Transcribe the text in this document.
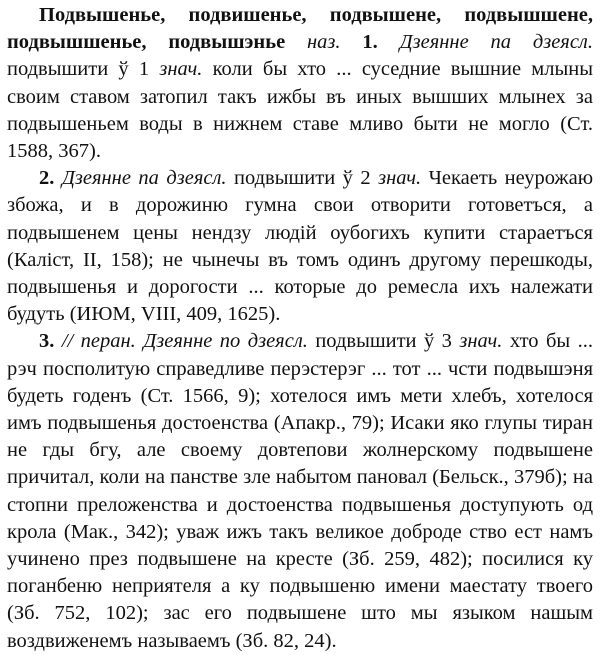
Подвышенье, подвишенье, подвышене, подвышшене, подвышшенье, подвышэнье наз. 1. Дзеянне па дзеясл. подвышити ў 1 знач. коли бы хто ... суседние вышние млыны своим ставом затопил такъ ижбы въ иных вышших млынех за подвышеньем воды в нижнем ставе мливо быти не могло (Ст. 1588, 367).

2. Дзеянне па дзеясл. подвышити ў 2 знач. Чекаеть неурожаю збожа, и в дорожиню гумна свои отворити готоветъся, а подвышенем цены нендзу людій оубогихъ купити стараетъся (Каліст, II, 158); не чынечы въ томъ одинъ другому перешкоды, подвышенья и дорогости ... которые до ремесла ихъ належати будуть (ИЮМ, VIII, 409, 1625).

3. // перан. Дзеянне по дзеясл. подвышити ў 3 знач. хто бы ... рэч посполитую справедливе перэстерэг ... тот ... чсти подвышэня будеть годенъ (Ст. 1566, 9); хотелося имъ мети хлебъ, хотелося имъ подвышенья достоенства (Апакр., 79); Исаки яко глупы тиран не гды бгу, але своему довтепови жолнерскому подвышене причитал, коли на панстве зле набытом пановал (Бельск., 379б); на стопни преложенства и достоенства подвышенья доступують од крола (Мак., 342); уваж ижъ такъ великое доброде ство ест намъ учинено през подвышене на кресте (Зб. 259, 482); посилися ку поганбеню неприятеля а ку подвышеню имени маестату твоего (Зб. 752, 102); зас его подвышене што мы языком нашым воздвиженемъ называемъ (Зб. 82, 24).
